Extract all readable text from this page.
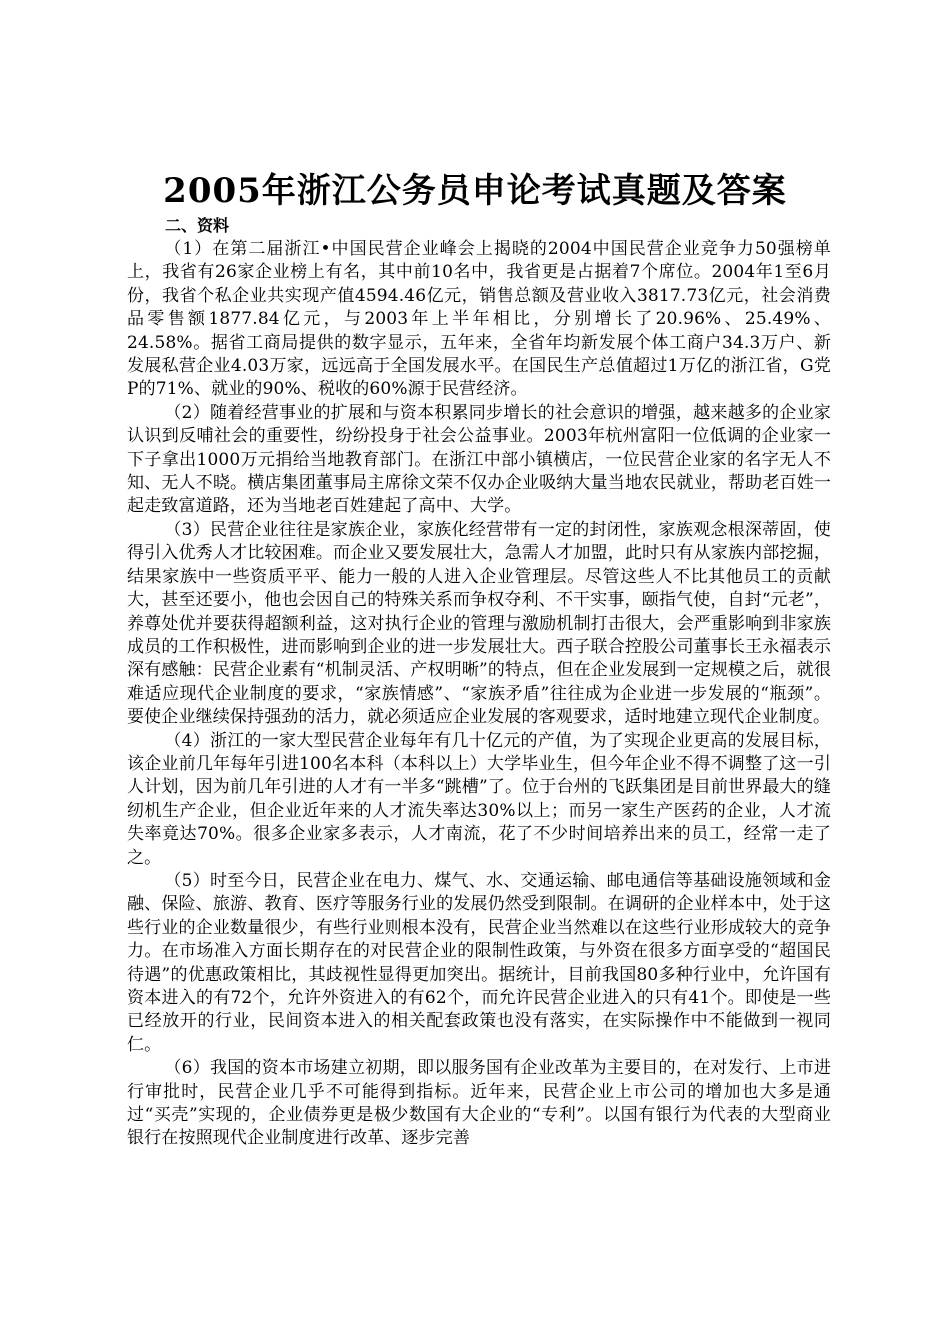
2005年浙江公务员申论考试真题及答案
二、资料

（1）在第二届浙江•中国民营企业峰会上揭晓的2004中国民营企业竞争力50强榜单上，我省有26家企业榜上有名，其中前10名中，我省更是占据着7个席位。2004年1至6月份，我省个私企业共实现产值4594.46亿元，销售总额及营业收入3817.73亿元，社会消费品零售额1877.84亿元，与2003年上半年相比，分别增长了20.96%、25.49%、24.58%。据省工商局提供的数字显示，五年来，全省年均新发展个体工商户34.3万户、新发展私营企业4.03万家，远远高于全国发展水平。在国民生产总值超过1万亿的浙江省，G党P的71%、就业的90%、税收的60%源于民营经济。

（2）随着经营事业的扩展和与资本积累同步增长的社会意识的增强，越来越多的企业家认识到反哺社会的重要性，纷纷投身于社会公益事业。2003年杭州富阳一位低调的企业家一下子拿出1000万元捐给当地教育部门。在浙江中部小镇横店，一位民营企业家的名字无人不知、无人不晓。横店集团董事局主席徐文荣不仅办企业吸纳大量当地农民就业，帮助老百姓一起走致富道路，还为当地老百姓建起了高中、大学。

（3）民营企业往往是家族企业，家族化经营带有一定的封闭性，家族观念根深蒂固，使得引入优秀人才比较困难。而企业又要发展壮大，急需人才加盟，此时只有从家族内部挖掘，结果家族中一些资质平平、能力一般的人进入企业管理层。尽管这些人不比其他员工的贡献大，甚至还要小，他也会因自己的特殊关系而争权夺利、不干实事，颐指气使，自封“元老”，养尊处优并要获得超额利益，这对执行企业的管理与激励机制打击很大，会严重影响到非家族成员的工作积极性，进而影响到企业的进一步发展壮大。西子联合控股公司董事长王永福表示深有感触：民营企业素有“机制灵活、产权明晰”的特点，但在企业发展到一定规模之后，就很难适应现代企业制度的要求，“家族情感”、“家族矛盾”往往成为企业进一步发展的“瓶颈”。要使企业继续保持强劲的活力，就必须适应企业发展的客观要求，适时地建立现代企业制度。

（4）浙江的一家大型民营企业每年有几十亿元的产值，为了实现企业更高的发展目标，该企业前几年每年引进100名本科（本科以上）大学毕业生，但今年企业不得不调整了这一引人计划，因为前几年引进的人才有一半多“跳槽”了。位于台州的飞跃集团是目前世界最大的缝纫机生产企业，但企业近年来的人才流失率达30%以上；而另一家生产医药的企业，人才流失率竟达70%。很多企业家多表示，人才南流，花了不少时间培养出来的员工，经常一走了之。

（5）时至今日，民营企业在电力、煤气、水、交通运输、邮电通信等基础设施领域和金融、保险、旅游、教育、医疗等服务行业的发展仍然受到限制。在调研的企业样本中，处于这些行业的企业数量很少，有些行业则根本没有，民营企业当然难以在这些行业形成较大的竞争力。在市场准入方面长期存在的对民营企业的限制性政策，与外资在很多方面享受的“超国民待遇”的优惠政策相比，其歧视性显得更加突出。据统计，目前我国80多种行业中，允许国有资本进入的有72个，允许外资进入的有62个，而允许民营企业进入的只有41个。即使是一些已经放开的行业，民间资本进入的相关配套政策也没有落实，在实际操作中不能做到一视同仁。

（6）我国的资本市场建立初期，即以服务国有企业改革为主要目的，在对发行、上市进行审批时，民营企业几乎不可能得到指标。近年来，民营企业上市公司的增加也大多是通过“买壳”实现的，企业债券更是极少数国有大企业的“专利”。以国有银行为代表的大型商业银行在按照现代企业制度进行改革、逐步完善
